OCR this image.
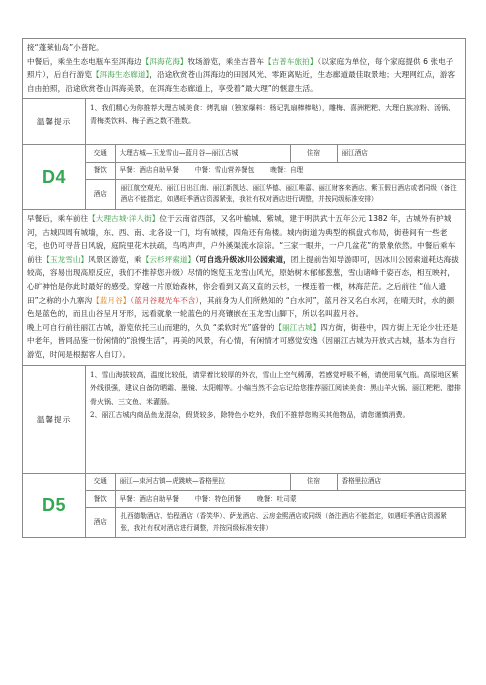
接“蓬莱仙岛”小普陀。
中餐后，乘坐生态电瓶车至洱海边【洱海花海】牧场游览，乘坐吉普车【吉普车旅拍】（以家庭为单位，每个家庭提供 6 张电子照片），后自行游览【洱海生态廊道】，沿途欣赏苍山洱海边的田园风光、零距离贴近，生态廊道最佳取景地；大理网红点，游客自由拍照，沿途欣赏苍山洱海美景，在洱海生态廊道上，享受着“最大理”的惬意生活。

温馨提示	1、我们精心为你推荐大理古城美食：烤乳扇（独家爆料：杨记乳扇棒棒哒），雕梅、喜洲粑粑、大理白族凉粉、汤锅、青梅类饮料、梅子酒之数不胜数。
D4	
交通	大理古城—玉龙雪山—蓝月谷—丽江古城	住宿	丽江酒店
餐饮	早餐：酒店自助早餐 中餐：雪山营养餐包 晚餐：自理
酒店	丽江航空观光、丽江日出江南、丽江新凯达、丽江华德、丽江唯嘉、丽江财客来酒店、紫玉假日酒店或者同级（备注酒店不能指定，如遇旺季酒店资源紧张，我社有权对酒店进行调整，并按同级标准安排）

早餐后，乘车前往【大理古城·洋人街】位于云南省西部，又名叶榆城、紫城，建于明洪武十五年公元 1382 年，古城外有护城河，古城四周有城墙，东、西、南、北各设一门，均有城楼，四角还有角楼。城内街道为典型的棋盘式布局，街巷间有一些老宅，也仍可寻昔日风貌，庭院里花木扶疏，鸟鸣声声，户外溪渠流水淙淙。“三家一眼井，一户几盆花”的景象依然。中餐后乘车前往【玉龙雪山】风景区游览，乘【云杉坪索道】（可自选升级冰川公园索道，团上提前告知导游即可，因冰川公园索道耗达海拔较高，容易出现高原反应，我们不推荐您升级）尽情的饱览玉龙雪山风光，原始树木郁郁葱葱，雪山诸峰千姿百态，相互映衬，心旷神怡是你此时最好的感受。穿越一片原始森林，你会看到又高又直的云杉，一棵连着一棵，林海茫茫。之后前往 “仙人遗田”之称的小九寨沟【蓝月谷】（蓝月谷观光车不含），其前身为人们所熟知的 “白水河”，蓝月谷又名白水河，在晴天时，水的颜色是蓝色的，而且山谷呈月牙形，远看就象一轮蓝色的月亮镶嵌在玉龙雪山脚下，所以名叫蓝月谷。
晚上可自行前往丽江古城，游览依托三山而建的，久负 “柔软时光”盛誉的【丽江古城】四方街，街巷中，四方街上无论少壮还是中老年，皆同品鉴一份闲情的“浪慢生活”，再美的风景，有心情，有闲情才可感觉安逸（因丽江古城为开放式古城，基本为自行游览，时间是根据客人自订）。

温馨提示	
1、雪山海拔较高，温度比较低，请穿着比较厚的外衣，雪山上空气稀薄，若感觉呼吸不畅，请使用氧气瓶。高原地区紫外线很强，建议自备防晒霜、墨镜、太阳帽等。小编当然不会忘记给您推荐丽江阅读美食：黑山羊火锅、丽江粑粑、腊排骨火锅、三文鱼、米灌肠。
2、丽江古城内商品鱼龙混杂，假货较多，除特色小吃外，我们不推荐您购买其他物品，请您谨慎消费。

D5	
交通	丽江—束河古镇—虎跳峡—香格里拉	住宿	香格里拉酒店
餐饮	早餐：酒店自助早餐 中餐：特色团餐 晚餐：吐司蒙
酒店	扎西德勒酒店、怡程酒店（香笑华）、萨龙酒店、云房金熙酒店或同级（备注酒店不能指定，如遇旺季酒店资源紧张，我社有权对酒店进行调整，并按同级标准安排）
